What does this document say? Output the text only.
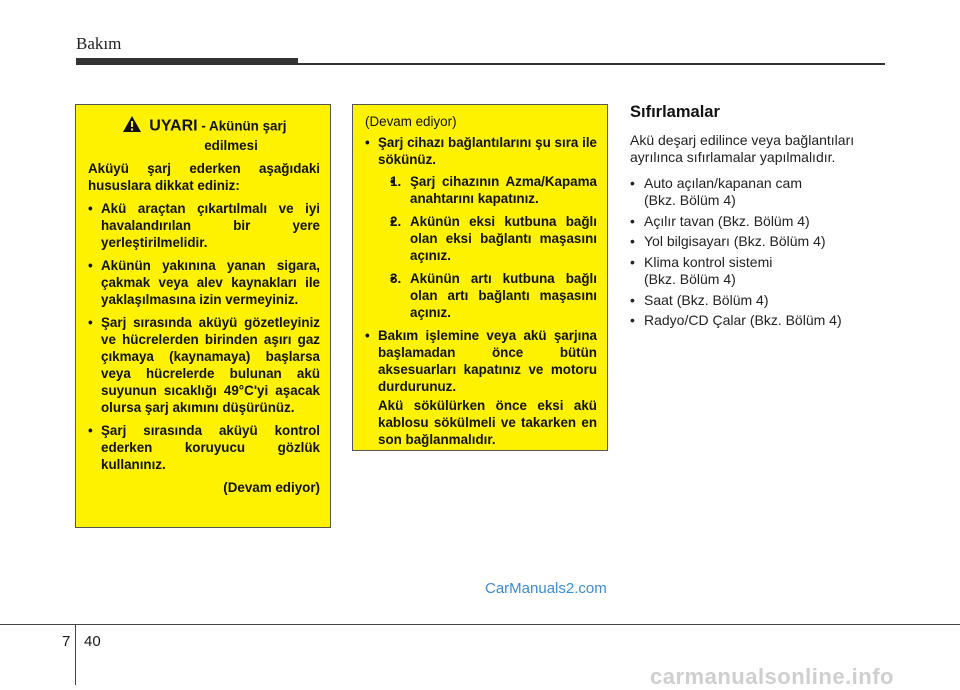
Bakım
UYARI - Akünün şarj
edilmesi

Aküyü şarj ederken aşağıdaki hususlara dikkat ediniz:

• Akü araçtan çıkartılmalı ve iyi havalandırılan bir yere yerleştirilmelidir.
• Akünün yakınına yanan sigara, çakmak veya alev kaynakları ile yaklaşılmasına izin vermeyiniz.
• Şarj sırasında aküyü gözetleyiniz ve hücrelerden birinden aşırı gaz çıkmaya (kaynamaya) başlarsa veya hücrelerde bulunan akü suyunun sıcaklığı 49°C'yi aşacak olursa şarj akımını düşürünüz.
• Şarj sırasında aküyü kontrol ederken koruyucu gözlük kullanınız.
(Devam ediyor)
(Devam ediyor)
• Şarj cihazı bağlantılarını şu sıra ile sökünüz.
• 1. Şarj cihazının Azma/Kapama anahtarını kapatınız.
• 2. Akünün eksi kutbuna bağlı olan eksi bağlantı maşasını açınız.
• 3. Akünün artı kutbuna bağlı olan artı bağlantı maşasını açınız.
• Bakım işlemine veya akü şarjına başlamadan önce bütün aksesuarları kapatınız ve motoru durdurunuz.
Akü sökülürken önce eksi akü kablosu sökülmeli ve takarken en son bağlanmalıdır.
Sıfırlamalar

Akü deşarj edilince veya bağlantıları ayrılınca sıfırlamalar yapılmalıdır.

• Auto açılan/kapanan cam
(Bkz. Bölüm 4)
• Açılır tavan (Bkz. Bölüm 4)
• Yol bilgisayarı (Bkz. Bölüm 4)
• Klima kontrol sistemi
(Bkz. Bölüm 4)
• Saat (Bkz. Bölüm 4)
• Radyo/CD Çalar (Bkz. Bölüm 4)
CarManuals2.com
7 40
carmanualsonline.info
